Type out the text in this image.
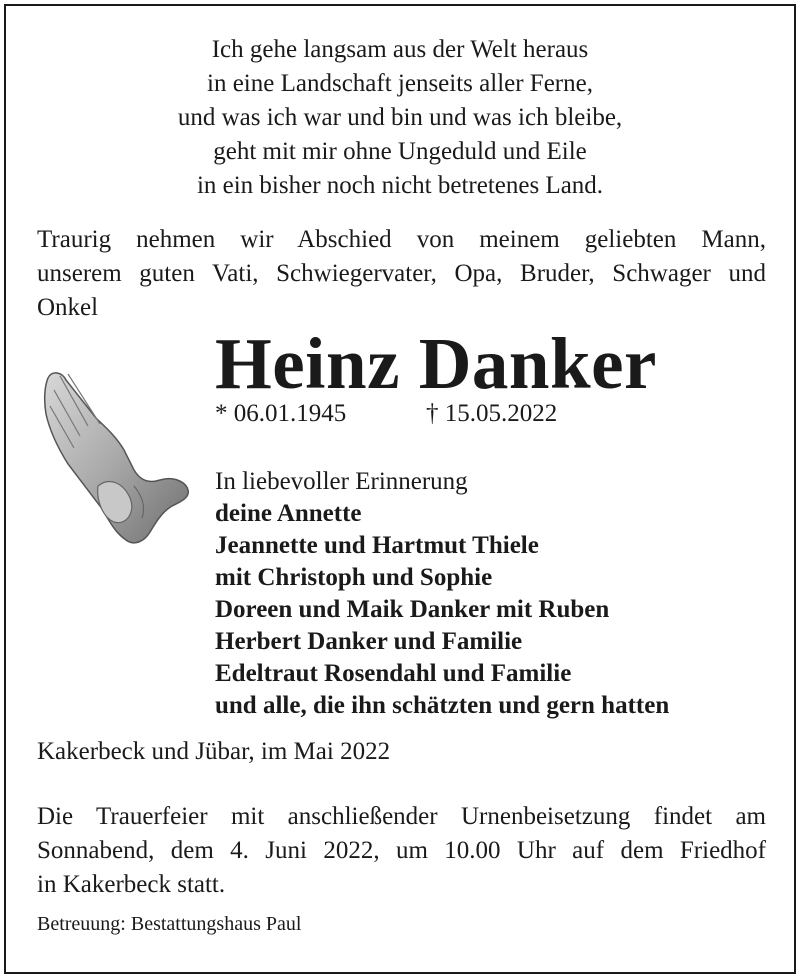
Ich gehe langsam aus der Welt heraus
in eine Landschaft jenseits aller Ferne,
und was ich war und bin und was ich bleibe,
geht mit mir ohne Ungeduld und Eile
in ein bisher noch nicht betretenes Land.
Traurig nehmen wir Abschied von meinem geliebten Mann,
unserem guten Vati, Schwiegervater, Opa, Bruder, Schwager und
Onkel
Heinz Danker
* 06.01.1945	† 15.05.2022
In liebevoller Erinnerung
deine Annette
Jeannette und Hartmut Thiele
mit Christoph und Sophie
Doreen und Maik Danker mit Ruben
Herbert Danker und Familie
Edeltraut Rosendahl und Familie
und alle, die ihn schätzten und gern hatten
Kakerbeck und Jübar, im Mai 2022
Die Trauerfeier mit anschließender Urnenbeisetzung findet am
Sonnabend, dem 4. Juni 2022, um 10.00 Uhr auf dem Friedhof
in Kakerbeck statt.
Betreuung: Bestattungshaus Paul
